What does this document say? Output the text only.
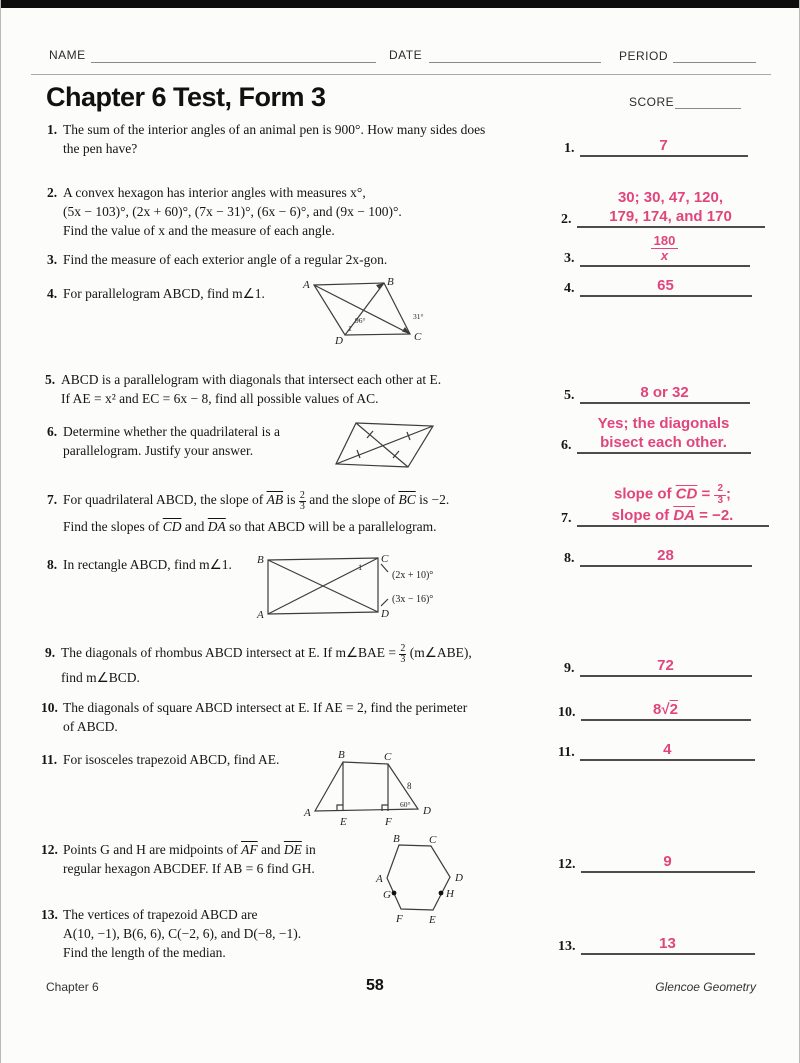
NAME	DATE	PERIOD
Chapter 6 Test, Form 3	SCORE
1. The sum of the interior angles of an animal pen is 900°. How many sides does
the pen have?
2. A convex hexagon has interior angles with measures x°,
(5x − 103)°, (2x + 60)°, (7x − 31)°, (6x − 6)°, and (9x − 100)°.
Find the value of x and the measure of each angle.
3. Find the measure of each exterior angle of a regular 2x-gon.
4. For parallelogram ABCD, find m∠1.
A	B
C
D
96°	31°
1
5. ABCD is a parallelogram with diagonals that intersect each other at E.
If AE = x² and EC = 6x − 8, find all possible values of AC.
6. Determine whether the quadrilateral is a
parallelogram. Justify your answer.
7. For quadrilateral ABCD, the slope of $\overline{AB}$ is $\frac{2}{3}$ and the slope of $\overline{BC}$ is −2.
Find the slopes of $\overline{CD}$ and $\overline{DA}$ so that ABCD will be a parallelogram.
8. In rectangle ABCD, find m∠1. B	C
A	D
1
(2x + 10)°
(3x − 16)°
9. The diagonals of rhombus ABCD intersect at E. If m∠BAE = $\frac{2}{3}$ (m∠ABE),
find m∠BCD.
10. The diagonals of square ABCD intersect at E. If AE = 2, find the perimeter
of ABCD.
11. For isosceles trapezoid ABCD, find AE.	B	C
A	D
E	F
8
60°
12. Points G and H are midpoints of $\overline{AF}$ and $\overline{DE}$ in
regular hexagon ABCDEF. If AB = 6 find GH.
B	C
A	D
G	H
F E
13. The vertices of trapezoid ABCD are
A(10, −1), B(6, 6), C(−2, 6), and D(−8, −1).
Find the length of the median.
1.	7
2.
30; 30, 47, 120,
179, 174, and 170
3.	$\frac{180}{x}$
4.	65
5.	8 or 32
6.
Yes; the diagonals
bisect each other.
7.
slope of $\overline{CD} = \frac{2}{3}$ ;
slope of $\overline{DA} = -2$.
8.	28
9.	72
10.	8√2
11.	4
12.	9
13.	13
Chapter 6	58	Glencoe Geometry
